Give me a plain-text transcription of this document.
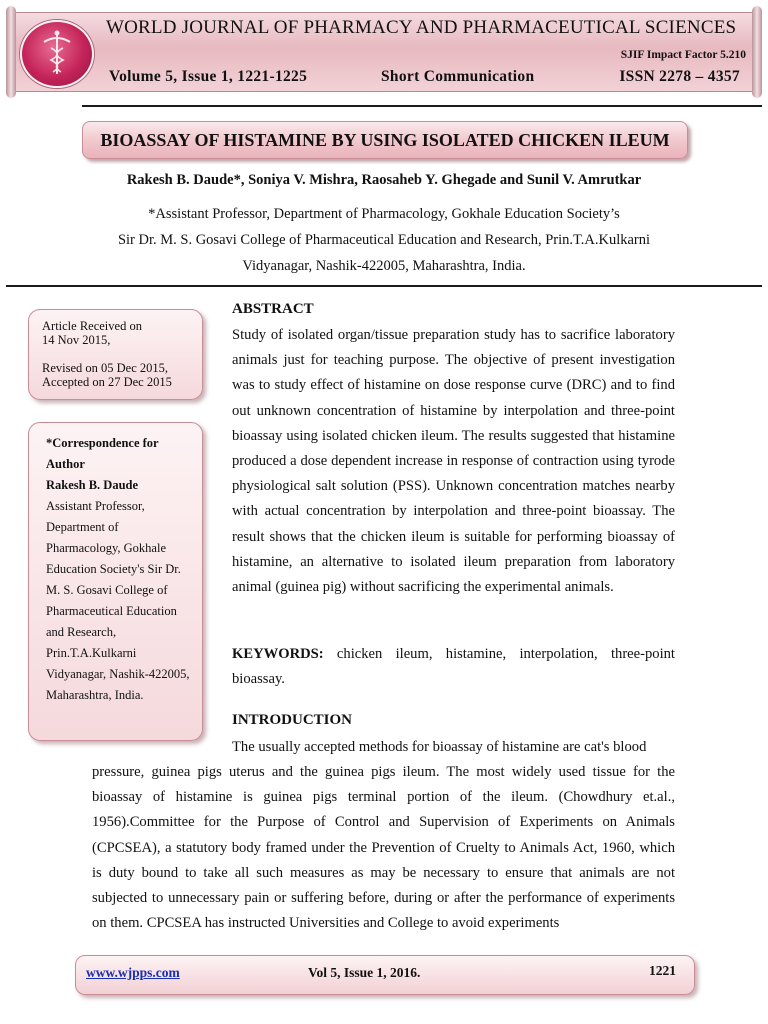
WORLD JOURNAL OF PHARMACY AND PHARMACEUTICAL SCIENCES
SJIF Impact Factor 5.210
Volume 5, Issue 1, 1221-1225	Short Communication	ISSN 2278 – 4357
BIOASSAY OF HISTAMINE BY USING ISOLATED CHICKEN ILEUM
Rakesh B. Daude*, Soniya V. Mishra, Raosaheb Y. Ghegade and Sunil V. Amrutkar
*Assistant Professor, Department of Pharmacology, Gokhale Education Society’s
Sir Dr. M. S. Gosavi College of Pharmaceutical Education and Research, Prin.T.A.Kulkarni
Vidyanagar, Nashik-422005, Maharashtra, India.
Article Received on
14 Nov 2015,
Revised on 05 Dec 2015,
Accepted on 27 Dec 2015
*Correspondence for Author
Rakesh B. Daude
Assistant Professor, Department of Pharmacology, Gokhale Education Society's Sir Dr. M. S. Gosavi College of Pharmaceutical Education and Research, Prin.T.A.Kulkarni Vidyanagar, Nashik-422005, Maharashtra, India.
ABSTRACT
Study of isolated organ/tissue preparation study has to sacrifice laboratory animals just for teaching purpose. The objective of present investigation was to study effect of histamine on dose response curve (DRC) and to find out unknown concentration of histamine by interpolation and three-point bioassay using isolated chicken ileum. The results suggested that histamine produced a dose dependent increase in response of contraction using tyrode physiological salt solution (PSS). Unknown concentration matches nearby with actual concentration by interpolation and three-point bioassay. The result shows that the chicken ileum is suitable for performing bioassay of histamine, an alternative to isolated ileum preparation from laboratory animal (guinea pig) without sacrificing the experimental animals.
KEYWORDS: chicken ileum, histamine, interpolation, three-point bioassay.
INTRODUCTION
The usually accepted methods for bioassay of histamine are cat's blood
pressure, guinea pigs uterus and the guinea pigs ileum. The most widely used tissue for the bioassay of histamine is guinea pigs terminal portion of the ileum. (Chowdhury et.al., 1956).Committee for the Purpose of Control and Supervision of Experiments on Animals (CPCSEA), a statutory body framed under the Prevention of Cruelty to Animals Act, 1960, which is duty bound to take all such measures as may be necessary to ensure that animals are not subjected to unnecessary pain or suffering before, during or after the performance of experiments on them. CPCSEA has instructed Universities and College to avoid experiments
www.wjpps.com	Vol 5, Issue 1, 2016.	1221
